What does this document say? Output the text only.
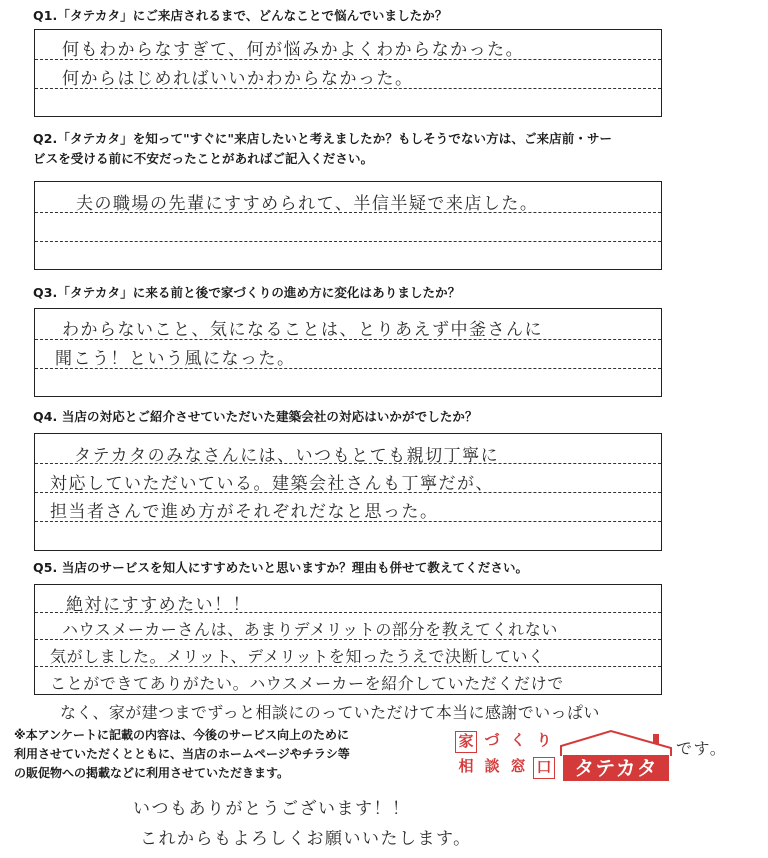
Q1.「タテカタ」にご来店されるまで、どんなことで悩んでいましたか？
何もわからなすぎて、何が悩みかよくわからなかった。
何からはじめればいいかわからなかった。
Q2.「タテカタ」を知って"すぐに"来店したいと考えましたか？もしそうでない方は、ご来店前・サー
ビスを受ける前に不安だったことがあればご記入ください。
夫の職場の先輩にすすめられて、半信半疑で来店した。
Q3.「タテカタ」に来る前と後で家づくりの進め方に変化はありましたか？
わからないこと、気になることは、とりあえず中釜さんに
聞こう！という風になった。
Q4. 当店の対応とご紹介させていただいた建築会社の対応はいかがでしたか？
タテカタのみなさんには、いつもとても親切丁寧に
対応していただいている。建築会社さんも丁寧だが、
担当者さんで進め方がそれぞれだなと思った。
Q5. 当店のサービスを知人にすすめたいと思いますか？理由も併せて教えてください。
絶対にすすめたい！！
ハウスメーカーさんは、あまりデメリットの部分を教えてくれない
気がしました。メリット、デメリットを知ったうえで決断していく
ことができてありがたい。ハウスメーカーを紹介していただくだけで
なく、家が建つまでずっと相談にのっていただけて本当に感謝でいっぱい
です。
※本アンケートに記載の内容は、今後のサービス向上のために
利用させていただくとともに、当店のホームページやチラシ等
の販促物への掲載などに利用させていただきます。
家 づ く り
相 談 窓 口	タテカタ
いつもありがとうございます！！
これからもよろしくお願いいたします。
